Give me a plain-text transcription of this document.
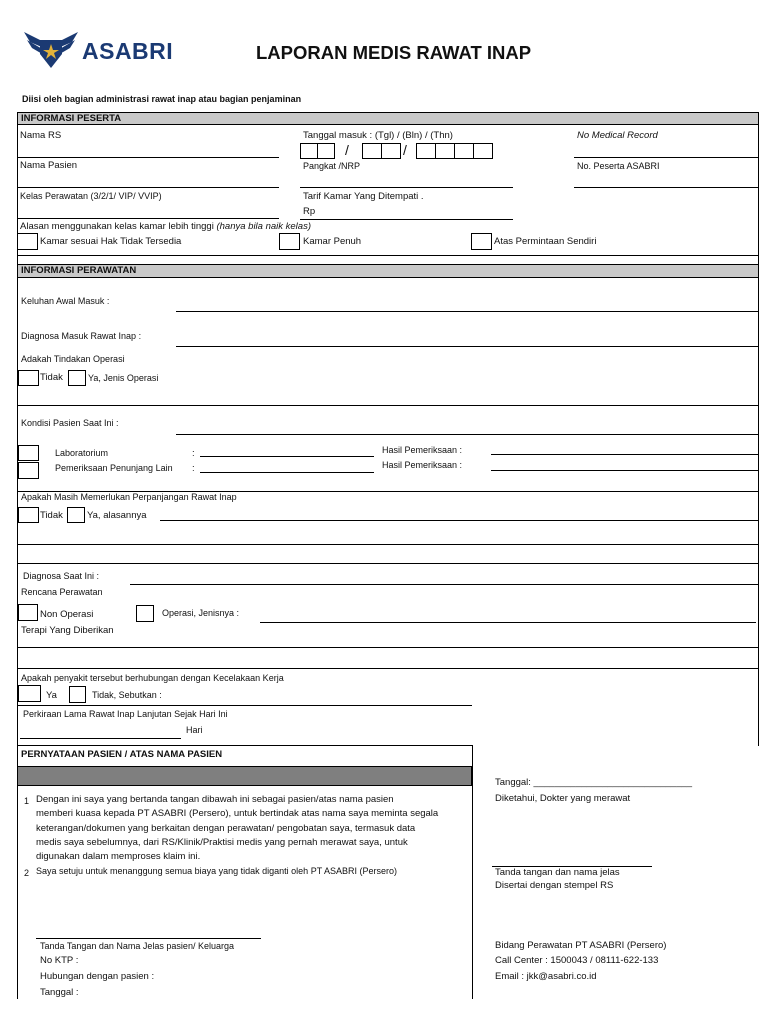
ASABRI	LAPORAN MEDIS RAWAT INAP
Diisi oleh bagian administrasi rawat inap atau bagian penjaminan
INFORMASI PESERTA
Nama RS	Tanggal masuk : (Tgl) / (Bln) / (Thn)
/	/
No Medical Record
Nama Pasien	Pangkat /NRP	No. Peserta ASABRI
Kelas Perawatan (3/2/1/ VIP/ VVIP)	Tarif Kamar Yang Ditempati .
Rp
Alasan menggunakan kelas kamar lebih tinggi (hanya bila naik kelas)
Kamar sesuai Hak Tidak Tersedia	Kamar Penuh	Atas Permintaan Sendiri
INFORMASI PERAWATAN
Keluhan Awal Masuk :
Diagnosa Masuk Rawat Inap :
Adakah Tindakan Operasi
Tidak	Ya, Jenis Operasi
Kondisi Pasien Saat Ini :
Laboratorium	:	Hasil Pemeriksaan :
Pemeriksaan Penunjang Lain :	Hasil Pemeriksaan :
Apakah Masih Memerlukan Perpanjangan Rawat Inap
Tidak	Ya, alasannya
Diagnosa Saat Ini :
Rencana Perawatan
Non Operasi	Operasi, Jenisnya :
Terapi Yang Diberikan
Apakah penyakit tersebut berhubungan dengan Kecelakaan Kerja
Ya	Tidak, Sebutkan :
Perkiraan Lama Rawat Inap Lanjutan Sejak Hari Ini
Hari
PERNYATAAN PASIEN / ATAS NAMA PASIEN
1 Dengan ini saya yang bertanda tangan dibawah ini sebagai pasien/atas nama pasien
memberi kuasa kepada PT ASABRI (Persero), untuk bertindak atas nama saya meminta segala
keterangan/dokumen yang berkaitan dengan perawatan/ pengobatan saya, termasuk data
medis saya sebelumnya, dari RS/Klinik/Praktisi medis yang pernah merawat saya, untuk
digunakan dalam memproses klaim ini.
2 Saya setuju untuk menanggung semua biaya yang tidak diganti oleh PT ASABRI (Persero)
Tanda Tangan dan Nama Jelas pasien/ Keluarga
No KTP :
Hubungan dengan pasien :
Tanggal :
Tanggal: ______________________________
Diketahui, Dokter yang merawat
Tanda tangan dan nama jelas
Disertai dengan stempel RS
Bidang Perawatan PT ASABRI (Persero)
Call Center : 1500043 / 08111-622-133
Email : jkk@asabri.co.id
